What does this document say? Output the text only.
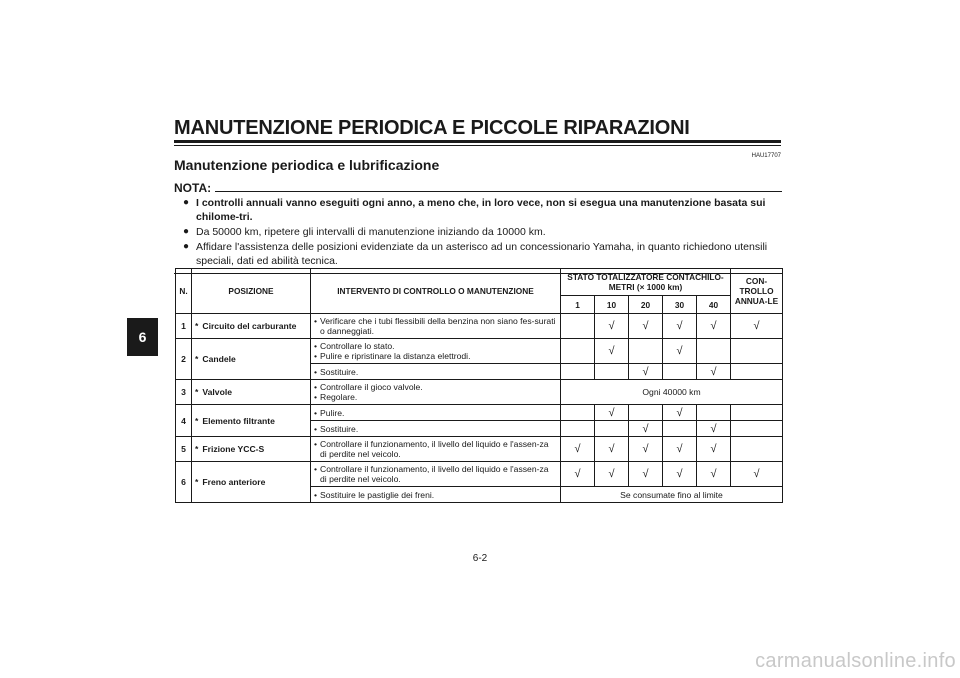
MANUTENZIONE PERIODICA E PICCOLE RIPARAZIONI
HAU17707
Manutenzione periodica e lubrificazione
6
NOTA:
● I controlli annuali vanno eseguiti ogni anno, a meno che, in loro vece, non si esegua una manutenzione basata sui chilome-tri.
● Da 50000 km, ripetere gli intervalli di manutenzione iniziando da 10000 km.
● Affidare l'assistenza delle posizioni evidenziate da un asterisco ad un concessionario Yamaha, in quanto richiedono utensili speciali, dati ed abilità tecnica.
N.	POSIZIONE	INTERVENTO DI CONTROLLO O MANUTENZIONE	STATO TOTALIZZATORE CONTACHILO-METRI (× 1000 km)					CON-TROLLO ANNUA-LE
			1	10	20	30	40	
1	* Circuito del carburante	• Verificare che i tubi flessibili della benzina non siano fes-surati o danneggiati.		√	√	√	√	√
2	* Candele	• Controllare lo stato.
• Pulire e ripristinare la distanza elettrodi.		√		√		

		• Sostituire.			√		√	
3	* Valvole	• Controllare il gioco valvole.
• Regolare.	Ogni 40000 km					
4	* Elemento filtrante	• Pulire.		√		√		

		• Sostituire.			√		√	
5	* Frizione YCC-S	• Controllare il funzionamento, il livello del liquido e l'assen-za di perdite nel veicolo.	√	√	√	√	√	
6	* Freno anteriore	• Controllare il funzionamento, il livello del liquido e l'assen-za di perdite nel veicolo.	√	√	√	√	√	√

		• Sostituire le pastiglie dei freni.	Se consumate fino al limite					
6-2
carmanualsonline.info
